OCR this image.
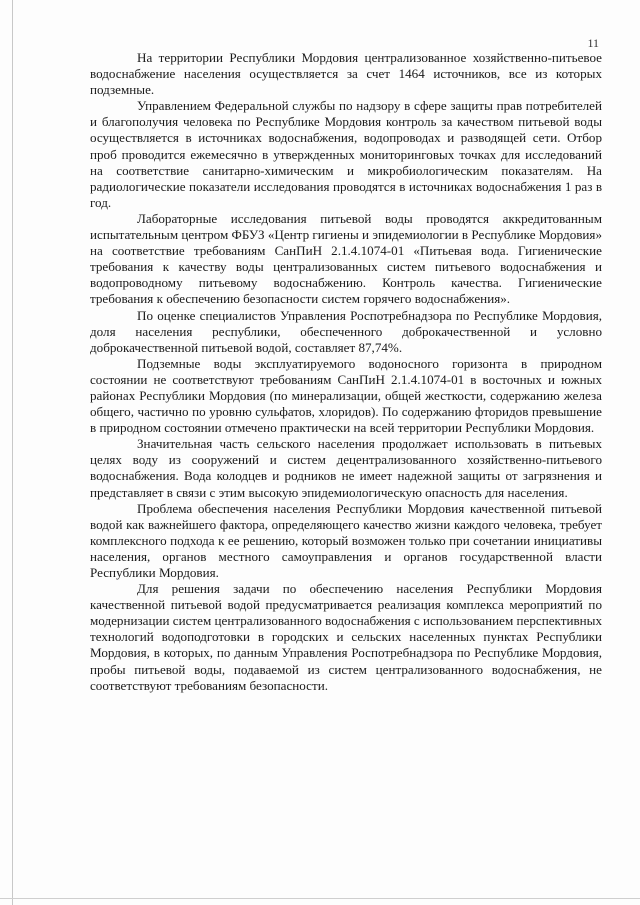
11

На территории Республики Мордовия централизованное хозяйственно-питьевое водоснабжение населения осуществляется за счет 1464 источников, все из которых подземные.

Управлением Федеральной службы по надзору в сфере защиты прав потребителей и благополучия человека по Республике Мордовия контроль за качеством питьевой воды осуществляется в источниках водоснабжения, водопроводах и разводящей сети. Отбор проб проводится ежемесячно в утвержденных мониторинговых точках для исследований на соответствие санитарно-химическим и микробиологическим показателям. На радиологические показатели исследования проводятся в источниках водоснабжения 1 раз в год.

Лабораторные исследования питьевой воды проводятся аккредитованным испытательным центром ФБУЗ «Центр гигиены и эпидемиологии в Республике Мордовия» на соответствие требованиям СанПиН 2.1.4.1074-01 «Питьевая вода. Гигиенические требования к качеству воды централизованных систем питьевого водоснабжения и водопроводному питьевому водоснабжению. Контроль качества. Гигиенические требования к обеспечению безопасности систем горячего водоснабжения».

По оценке специалистов Управления Роспотребнадзора по Республике Мордовия, доля населения республики, обеспеченного доброкачественной и условно доброкачественной питьевой водой, составляет 87,74%.

Подземные воды эксплуатируемого водоносного горизонта в природном состоянии не соответствуют требованиям СанПиН 2.1.4.1074-01 в восточных и южных районах Республики Мордовия (по минерализации, общей жесткости, содержанию железа общего, частично по уровню сульфатов, хлоридов). По содержанию фторидов превышение в природном состоянии отмечено практически на всей территории Республики Мордовия.

Значительная часть сельского населения продолжает использовать в питьевых целях воду из сооружений и систем децентрализованного хозяйственно-питьевого водоснабжения. Вода колодцев и родников не имеет надежной защиты от загрязнения и представляет в связи с этим высокую эпидемиологическую опасность для населения.

Проблема обеспечения населения Республики Мордовия качественной питьевой водой как важнейшего фактора, определяющего качество жизни каждого человека, требует комплексного подхода к ее решению, который возможен только при сочетании инициативы населения, органов местного самоуправления и органов государственной власти Республики Мордовия.

Для решения задачи по обеспечению населения Республики Мордовия качественной питьевой водой предусматривается реализация комплекса мероприятий по модернизации систем централизованного водоснабжения с использованием перспективных технологий водоподготовки в городских и сельских населенных пунктах Республики Мордовия, в которых, по данным Управления Роспотребнадзора по Республике Мордовия, пробы питьевой воды, подаваемой из систем централизованного водоснабжения, не соответствуют требованиям безопасности.
